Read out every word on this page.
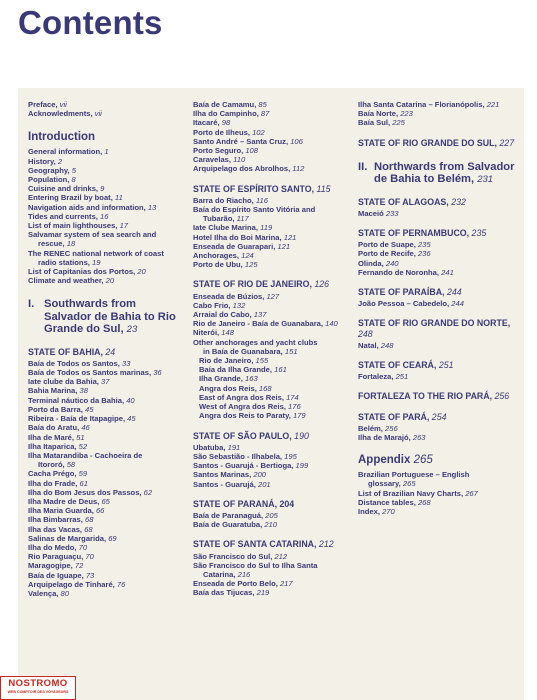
Contents
Preface, vii
Acknowledments, vii
Introduction
General information, 1
History, 2
Geography, 5
Population, 8
Cuisine and drinks, 9
Entering Brazil by boat, 11
Navigation aids and information, 13
Tides and currents, 16
List of main lighthouses, 17
Salvamar system of sea search and
rescue, 18
The RENEC national network of coast
radio stations, 19
List of Capitanias dos Portos, 20
Climate and weather, 20
I. Southwards from Salvador de Bahia to Rio Grande do Sul, 23
STATE OF BAHIA, 24
Baía de Todos os Santos, 33
Baía de Todos os Santos marinas, 36
Iate clube da Bahia, 37
Bahia Marina, 38
Terminal náutico da Bahia, 40
Porto da Barra, 45
Ribeira - Baía de Itapagipe, 45
Baía do Aratu, 46
Ilha de Maré, 51
Ilha Itaparica, 52
Ilha Matarandiba - Cachoeira de
Itororó, 58
Cacha Prégo, 59
Ilha do Frade, 61
Ilha do Bom Jesus dos Passos, 62
Ilha Madre de Deus, 65
Ilha Maria Guarda, 66
Ilha Bimbarras, 68
Ilha das Vacas, 68
Salinas de Margarida, 69
Ilha do Medo, 70
Rio Paraguaçu, 70
Maragogipe, 72
Baía de Iguape, 73
Arquipelago de Tinharé, 76
Valença, 80
Baía de Camamu, 85
Ilha do Campinho, 87
Itacaré, 98
Porto de Ilheus, 102
Santo André – Santa Cruz, 106
Porto Seguro, 108
Caravelas, 110
Arquipelago dos Abrolhos, 112
STATE OF ESPÍRITO SANTO, 115
Barra do Riacho, 116
Baía do Espírito Santo Vitória and
Tubarão, 117
Iate Clube Marina, 119
Hotel Ilha do Boi Marina, 121
Enseada de Guarapari, 121
Anchorages, 124
Porto de Ubu, 125
STATE OF RIO DE JANEIRO, 126
Enseada de Búzios, 127
Cabo Frio, 132
Arraial do Cabo, 137
Rio de Janeiro - Baía de Guanabara, 140
Niterói, 148
Other anchorages and yacht clubs
in Baía de Guanabara, 151
Rio de Janeiro, 155
Baía da Ilha Grande, 161
Ilha Grande, 163
Angra dos Reis, 168
East of Angra dos Reis, 174
West of Angra dos Reis, 176
Angra dos Reis to Paraty, 179
STATE OF SÃO PAULO, 190
Ubatuba, 191
São Sebastião - Ilhabela, 195
Santos - Guarujá - Bertioga, 199
Santos Marinas, 200
Santos - Guarujá, 201
STATE OF PARANÁ, 204
Baía de Paranaguá, 205
Baía de Guaratuba, 210
STATE OF SANTA CATARINA, 212
São Francisco do Sul, 212
São Francisco do Sul to Ilha Santa
Catarina, 216
Enseada de Porto Belo, 217
Baía das Tijucas, 219
Ilha Santa Catarina – Florianópolis, 221
Baía Norte, 223
Baía Sul, 225
STATE OF RIO GRANDE DO SUL, 227
II. Northwards from Salvador de Bahia to Belém, 231
STATE OF ALAGOAS, 232
Maceió 233
STATE OF PERNAMBUCO, 235
Porto de Suape, 235
Porto de Recife, 236
Olinda, 240
Fernando de Noronha, 241
STATE OF PARAÍBA, 244
João Pessoa – Cabedelo, 244
STATE OF RIO GRANDE DO NORTE, 248
Natal, 248
STATE OF CEARÁ, 251
Fortaleza, 251
FORTALEZA TO THE RIO PARÁ, 256
STATE OF PARÁ, 254
Belém, 256
Ilha de Marajó, 263
Appendix 265
Brazilian Portuguese – English
glossary, 265
List of Brazilian Navy Charts, 267
Distance tables, 268
Index, 270
NOSTROMO
WEB COMPTOIR DES VOYAGEURS
